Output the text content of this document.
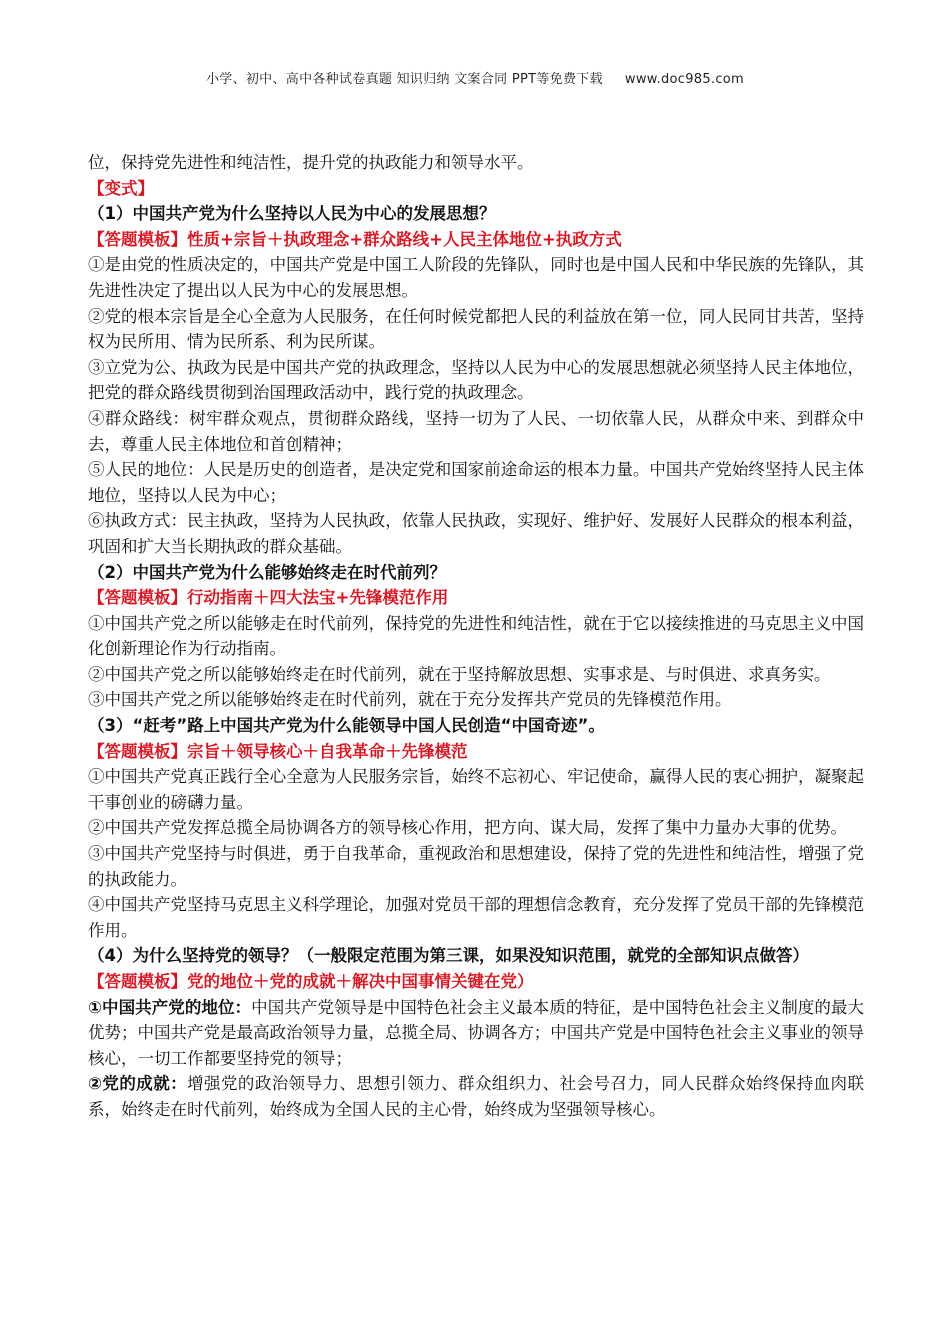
小学、初中、高中各种试卷真题 知识归纳 文案合同 PPT等免费下载 www.doc985.com

位，保持党先进性和纯洁性，提升党的执政能力和领导水平。

【变式】

（1）中国共产党为什么坚持以人民为中心的发展思想？

【答题模板】性质+宗旨＋执政理念+群众路线+人民主体地位+执政方式

①是由党的性质决定的，中国共产党是中国工人阶段的先锋队，同时也是中国人民和中华民族的先锋队，其先进性决定了提出以人民为中心的发展思想。

②党的根本宗旨是全心全意为人民服务，在任何时候党都把人民的利益放在第一位，同人民同甘共苦，坚持权为民所用、情为民所系、利为民所谋。

③立党为公、执政为民是中国共产党的执政理念，坚持以人民为中心的发展思想就必须坚持人民主体地位，把党的群众路线贯彻到治国理政活动中，践行党的执政理念。

④群众路线：树牢群众观点，贯彻群众路线，坚持一切为了人民、一切依靠人民，从群众中来、到群众中去，尊重人民主体地位和首创精神；

⑤人民的地位：人民是历史的创造者，是决定党和国家前途命运的根本力量。中国共产党始终坚持人民主体地位，坚持以人民为中心；

⑥执政方式：民主执政，坚持为人民执政，依靠人民执政，实现好、维护好、发展好人民群众的根本利益，巩固和扩大当长期执政的群众基础。

（2）中国共产党为什么能够始终走在时代前列？

【答题模板】行动指南＋四大法宝+先锋模范作用

①中国共产党之所以能够走在时代前列，保持党的先进性和纯洁性，就在于它以接续推进的马克思主义中国化创新理论作为行动指南。

②中国共产党之所以能够始终走在时代前列，就在于坚持解放思想、实事求是、与时俱进、求真务实。

③中国共产党之所以能够始终走在时代前列，就在于充分发挥共产党员的先锋模范作用。

（3）“赶考”路上中国共产党为什么能领导中国人民创造“中国奇迹”。

【答题模板】宗旨＋领导核心＋自我革命＋先锋模范

①中国共产党真正践行全心全意为人民服务宗旨，始终不忘初心、牢记使命，赢得人民的衷心拥护，凝聚起干事创业的磅礴力量。

②中国共产党发挥总揽全局协调各方的领导核心作用，把方向、谋大局，发挥了集中力量办大事的优势。

③中国共产党坚持与时俱进，勇于自我革命，重视政治和思想建设，保持了党的先进性和纯洁性，增强了党的执政能力。

④中国共产党坚持马克思主义科学理论，加强对党员干部的理想信念教育，充分发挥了党员干部的先锋模范作用。

（4）为什么坚持党的领导？（一般限定范围为第三课，如果没知识范围，就党的全部知识点做答）

【答题模板】党的地位＋党的成就＋解决中国事情关键在党）

①中国共产党的地位：中国共产党领导是中国特色社会主义最本质的特征，是中国特色社会主义制度的最大优势；中国共产党是最高政治领导力量，总揽全局、协调各方；中国共产党是中国特色社会主义事业的领导核心，一切工作都要坚持党的领导；

②党的成就：增强党的政治领导力、思想引领力、群众组织力、社会号召力，同人民群众始终保持血肉联系，始终走在时代前列，始终成为全国人民的主心骨，始终成为坚强领导核心。
